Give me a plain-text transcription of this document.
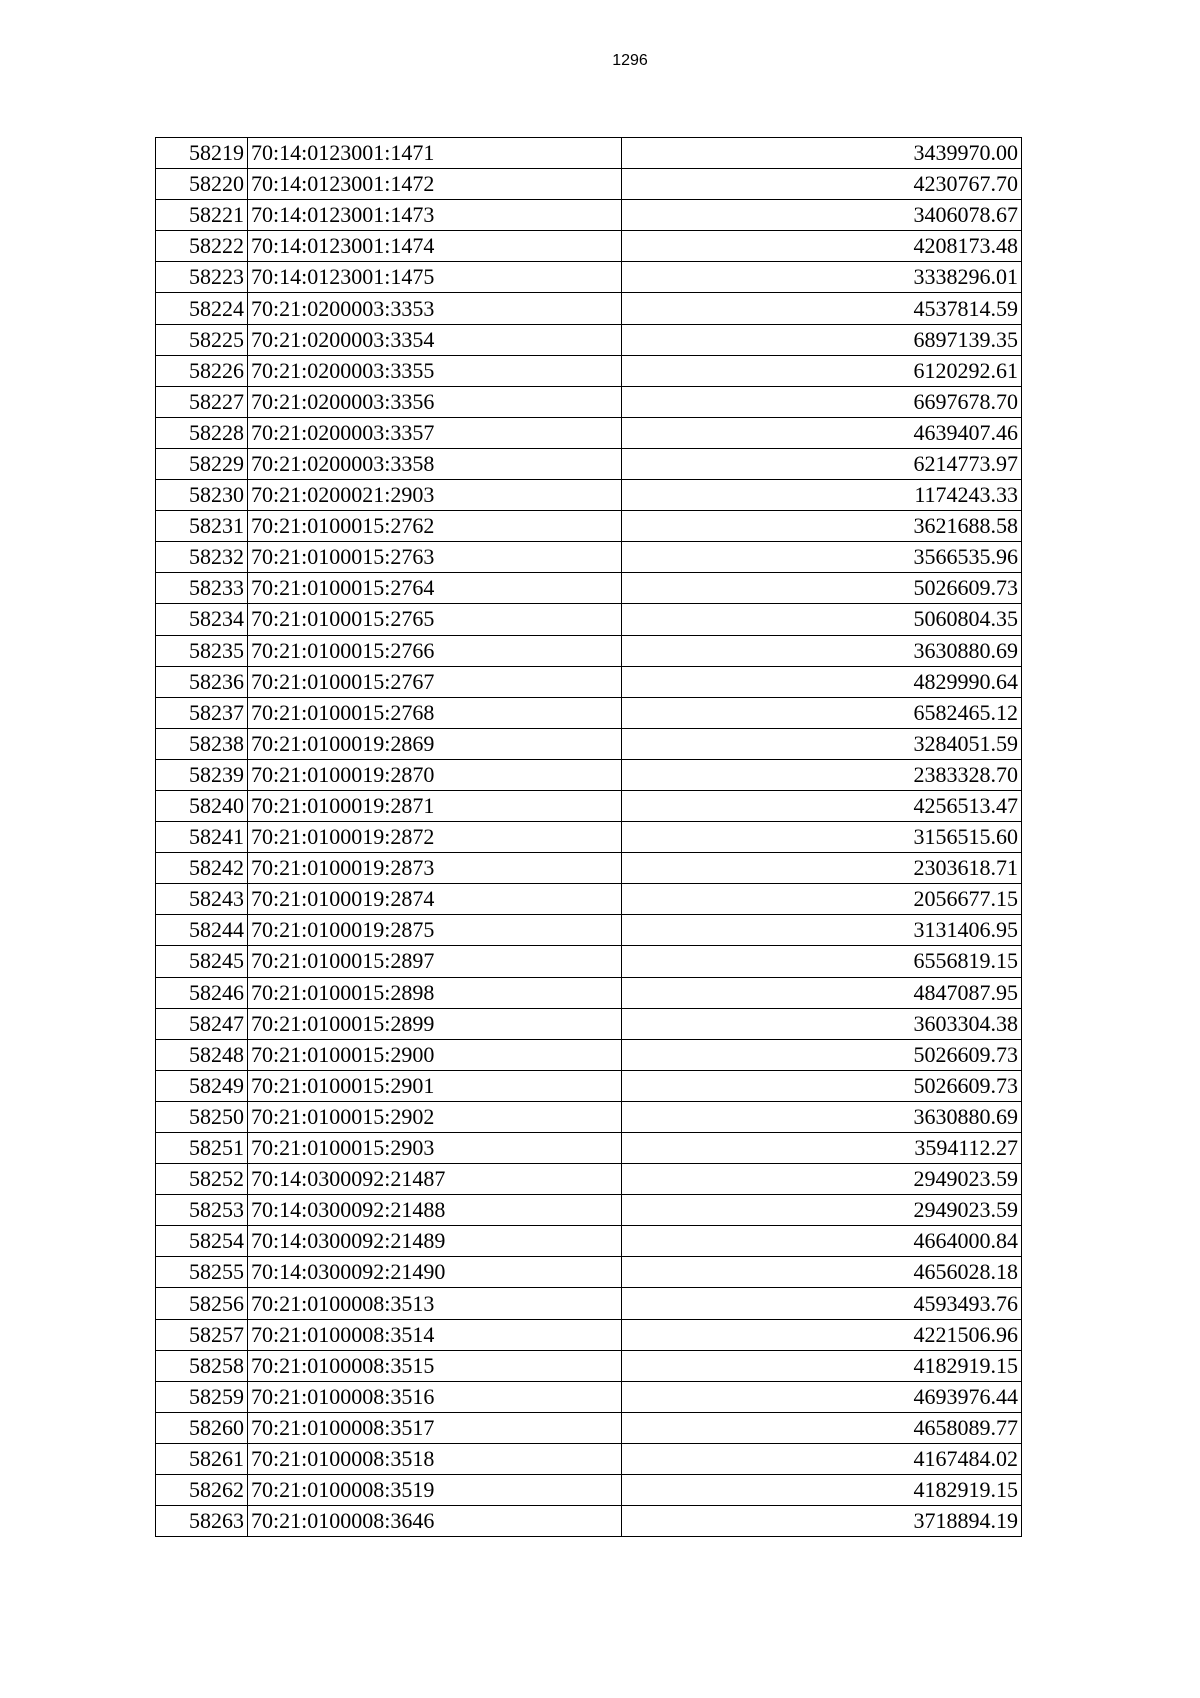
1296
58219	70:14:0123001:1471	3439970.00
58220	70:14:0123001:1472	4230767.70
58221	70:14:0123001:1473	3406078.67
58222	70:14:0123001:1474	4208173.48
58223	70:14:0123001:1475	3338296.01
58224	70:21:0200003:3353	4537814.59
58225	70:21:0200003:3354	6897139.35
58226	70:21:0200003:3355	6120292.61
58227	70:21:0200003:3356	6697678.70
58228	70:21:0200003:3357	4639407.46
58229	70:21:0200003:3358	6214773.97
58230	70:21:0200021:2903	1174243.33
58231	70:21:0100015:2762	3621688.58
58232	70:21:0100015:2763	3566535.96
58233	70:21:0100015:2764	5026609.73
58234	70:21:0100015:2765	5060804.35
58235	70:21:0100015:2766	3630880.69
58236	70:21:0100015:2767	4829990.64
58237	70:21:0100015:2768	6582465.12
58238	70:21:0100019:2869	3284051.59
58239	70:21:0100019:2870	2383328.70
58240	70:21:0100019:2871	4256513.47
58241	70:21:0100019:2872	3156515.60
58242	70:21:0100019:2873	2303618.71
58243	70:21:0100019:2874	2056677.15
58244	70:21:0100019:2875	3131406.95
58245	70:21:0100015:2897	6556819.15
58246	70:21:0100015:2898	4847087.95
58247	70:21:0100015:2899	3603304.38
58248	70:21:0100015:2900	5026609.73
58249	70:21:0100015:2901	5026609.73
58250	70:21:0100015:2902	3630880.69
58251	70:21:0100015:2903	3594112.27
58252	70:14:0300092:21487	2949023.59
58253	70:14:0300092:21488	2949023.59
58254	70:14:0300092:21489	4664000.84
58255	70:14:0300092:21490	4656028.18
58256	70:21:0100008:3513	4593493.76
58257	70:21:0100008:3514	4221506.96
58258	70:21:0100008:3515	4182919.15
58259	70:21:0100008:3516	4693976.44
58260	70:21:0100008:3517	4658089.77
58261	70:21:0100008:3518	4167484.02
58262	70:21:0100008:3519	4182919.15
58263	70:21:0100008:3646	3718894.19
